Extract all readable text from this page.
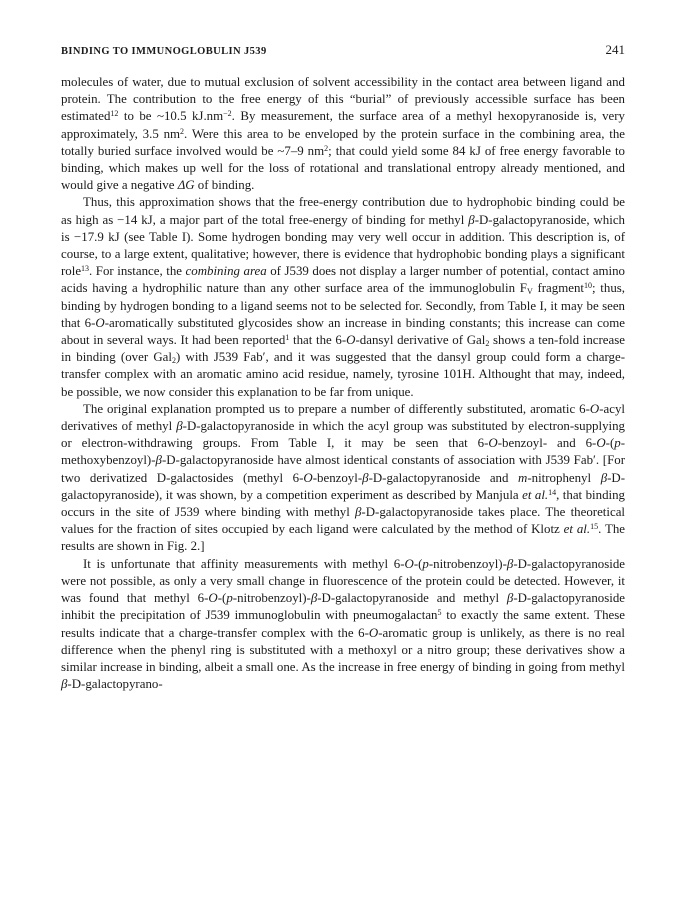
BINDING TO IMMUNOGLOBULIN J539	241

molecules of water, due to mutual exclusion of solvent accessibility in the contact area between ligand and protein. The contribution to the free energy of this “burial” of previously accessible surface has been estimated$^{12}$ to be ~10.5 $kJ.nm^{-2}$. By measurement, the surface area of a methyl hexopyranoside is, very approximately, 3.5 $nm^2$. Were this area to be enveloped by the protein surface in the combining area, the totally buried surface involved would be ~7–9 $nm^2$; that could yield some 84 kJ of free energy favorable to binding, which makes up well for the loss of rotational and translational entropy already mentioned, and would give a negative ΔG of binding.

Thus, this approximation shows that the free-energy contribution due to hydrophobic binding could be as high as −14 kJ, a major part of the total free-energy of binding for methyl β-D-galactopyranoside, which is −17.9 kJ (see Table I). Some hydrogen bonding may very well occur in addition. This description is, of course, to a large extent, qualitative; however, there is evidence that hydrophobic bonding plays a significant role$^{13}$. For instance, the combining area of J539 does not display a larger number of potential, contact amino acids having a hydrophilic nature than any other surface area of the immunoglobulin $F_V$ fragment$^{10}$; thus, binding by hydrogen bonding to a ligand seems not to be selected for. Secondly, from Table I, it may be seen that 6-O-aromatically substituted glycosides show an increase in binding constants; this increase can come about in several ways. It had been reported$^1$ that the 6-O-dansyl derivative of Gal$_2$ shows a ten-fold increase in binding (over Gal$_2$) with J539 Fab′, and it was suggested that the dansyl group could form a charge-transfer complex with an aromatic amino acid residue, namely, tyrosine 101H. Althought that may, indeed, be possible, we now consider this explanation to be far from unique.

The original explanation prompted us to prepare a number of differently substituted, aromatic 6-O-acyl derivatives of methyl β-D-galactopyranoside in which the acyl group was substituted by electron-supplying or electron-withdrawing groups. From Table I, it may be seen that 6-O-benzoyl- and 6-O-(p-methoxybenzoyl)-β-D-galactopyranoside have almost identical constants of association with J539 Fab′. [For two derivatized D-galactosides (methyl 6-O-benzoyl-β-D-galactopyranoside and m-nitrophenyl β-D-galactopyranoside), it was shown, by a competition experiment as described by Manjula et al.$^{14}$, that binding occurs in the site of J539 where binding with methyl β-D-galactopyranoside takes place. The theoretical values for the fraction of sites occupied by each ligand were calculated by the method of Klotz et al.$^{15}$. The results are shown in Fig. 2.]

It is unfortunate that affinity measurements with methyl 6-O-(p-nitrobenzoyl)-β-D-galactopyranoside were not possible, as only a very small change in fluorescence of the protein could be detected. However, it was found that methyl 6-O-(p-nitrobenzoyl)-β-D-galactopyranoside and methyl β-D-galactopyranoside inhibit the precipitation of J539 immunoglobulin with pneumogalactan$^5$ to exactly the same extent. These results indicate that a charge-transfer complex with the 6-O-aromatic group is unlikely, as there is no real difference when the phenyl ring is substituted with a methoxyl or a nitro group; these derivatives show a similar increase in binding, albeit a small one. As the increase in free energy of binding in going from methyl β-D-galactopyrano-
